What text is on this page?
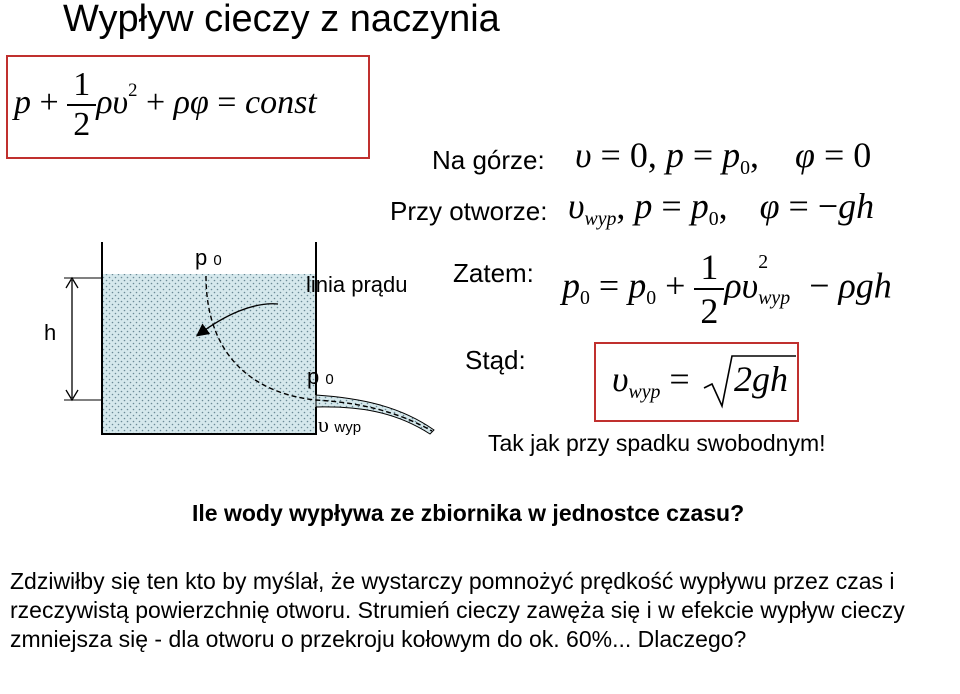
Wypływ cieczy z naczynia
$p + \frac{1}{2} \rho\upsilon^2 + \rho\varphi$ = const
Na górze: υ = 0, $p = p_0$, φ = 0
Przy otworze: $\upsilon_{wyp}$, $p = p_0$, φ = −gh
Zatem: $p_0 = p_0 + \frac{1}{2}$ ρυ
2
wyp − ρgh
Stąd: $\upsilon_{wyp} = 2gh$
Tak jak przy spadku swobodnym!
h
p 0
linia prądu
p 0
υ wyp
Ile wody wypływa ze zbiornika w jednostce czasu?
Zdziwiłby się ten kto by myślał, że wystarczy pomnożyć prędkość wypływu przez czas i rzeczywistą powierzchnię otworu. Strumień cieczy zawęża się i w efekcie wypływ cieczy zmniejsza się - dla otworu o przekroju kołowym do ok. 60%... Dlaczego?
